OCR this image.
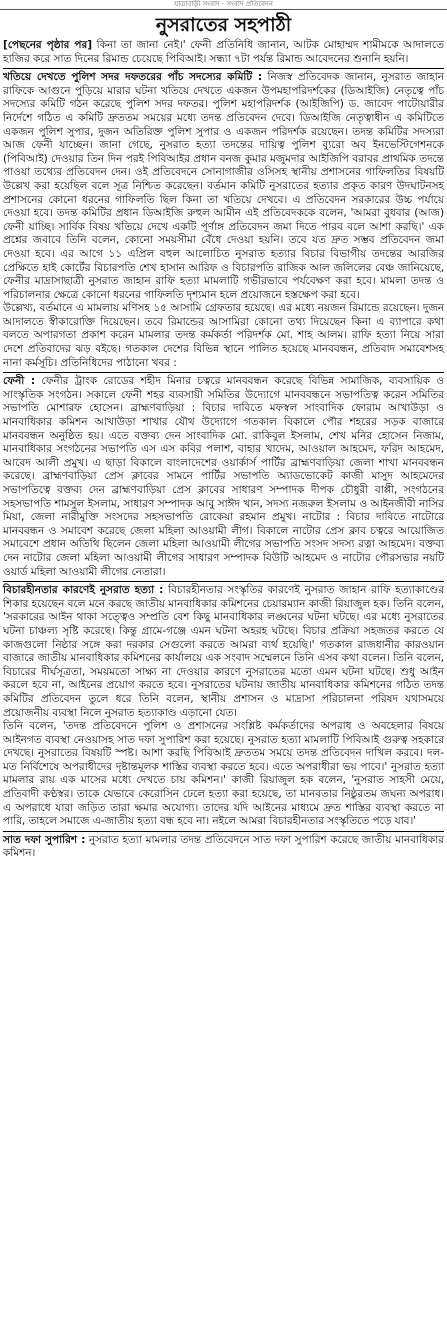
যাত্রাবাড়ী সংবাদ · সংবাদ প্রতিবেদন
নুসরাতের সহপাঠী

[পেছনের পৃষ্ঠার পর] কিনা তা জানা নেই।' ফেনী প্রতিনিধি জানান, আটক মোহাম্মদ শামীমকে আদালতে হাজির করে সাত দিনের রিমান্ড চেয়েছে পিবিআই। সন্ধ্যা ৭টা পর্যন্ত রিমান্ড আবেদনের শুনানি হয়নি।

খতিয়ে দেখতে পুলিশ সদর দফতরের পাঁচ সদস্যের কমিটি : নিজস্ব প্রতিবেদক জানান, নুসরাত জাহান রাফিকে আগুনে পুড়িয়ে মারার ঘটনা খতিয়ে দেখতে একজন উপমহাপরিদর্শকের (ডিআইজি) নেতৃত্বে পাঁচ সদস্যের কমিটি গঠন করেছে পুলিশ সদর দফতর। পুলিশ মহাপরিদর্শক (আইজিপি) ড. জাবেদ পাটোয়ারীর নির্দেশে গঠিত এ কমিটি দ্রুততম সময়ের মধ্যে তদন্ত প্রতিবেদন দেবে। ডিআইজি নেতৃত্বাধীন এ কমিটিতে একজন পুলিশ সুপার, দুজন অতিরিক্ত পুলিশ সুপার ও একজন পরিদর্শক রয়েছেন। তদন্ত কমিটির সদস্যরা আজ ফেনী যাচ্ছেন। জানা গেছে, নুসরাত হত্যা তদন্তের দায়িত্ব পুলিশ ব্যুরো অব ইনভেস্টিগেশনকে (পিবিআই) দেওয়ার তিন দিন পরই পিবিআইর প্রধান বনজ কুমার মজুমদার আইজিপি বরাবর প্রাথমিক তদন্তে পাওয়া তথ্যের প্রতিবেদন দেন। ওই প্রতিবেদনে সোনাগাজীর ওসিসহ স্থানীয় প্রশাসনের গাফিলতির বিষয়টি উল্লেখ করা হয়েছিল বলে সূত্র নিশ্চিত করেছেন। বর্তমান কমিটি নুসরাতের হত্যার প্রকৃত কারণ উদঘাটনসহ প্রশাসনের কোনো ধরনের গাফিলতি ছিল কিনা তা খতিয়ে দেখবে। এ প্রতিবেদন সরকারের উচ্চ পর্যায়ে দেওয়া হবে। তদন্ত কমিটির প্রধান ডিআইজি রুহুল আমীন এই প্রতিবেদককে বলেন, 'আমরা বুধবার (আজ) ফেনী যাচ্ছি। সার্বিক বিষয় খতিয়ে দেখে একটি পূর্ণাঙ্গ প্রতিবেদন জমা দিতে পারব বলে আশা করছি।' এক প্রশ্নের জবাবে তিনি বলেন, কোনো সময়সীমা বেঁধে দেওয়া হয়নি। তবে যত দ্রুত সম্ভব প্রতিবেদন জমা দেওয়া হবে। এর আগে ১১ এপ্রিল বহুল আলোচিত নুসরাত হত্যার বিচার বিভাগীয় তদন্তের আরজির প্রেক্ষিতে হাই কোর্টের বিচারপতি শেখ হাসান আরিফ ও বিচারপতি রাজিক আল জলিলের বেঞ্চ জানিয়েছে, ফেনীর মাদ্রাসাছাত্রী নুসরাত জাহান রাফি হত্যা মামলাটি গভীরভাবে পর্যবেক্ষণ করা হবে। মামলা তদন্ত ও পরিচালনার ক্ষেত্রে কোনো ধরনের গাফিলতি দৃশ্যমান হলে প্রয়োজনে হস্তক্ষেপ করা হবে।

উল্লেখ্য, বর্তমানে এ মামলায় মণিসহ ১৫ আসামি গ্রেফতার হয়েছে। এর মধ্যে নয়জন রিমান্ডে রয়েছেন। দুজন আদালতে স্বীকারোক্তি দিয়েছেন। তবে রিমান্ডের আসামিরা কোনো তথ্য দিয়েছেন কিনা এ ব্যাপারে কথা বলতে অপারগতা প্রকাশ করেন মামলার তদন্ত কর্মকর্তা পরিদর্শক মো. শাহ আলম। রাফি হত্যা নিয়ে সারা দেশে প্রতিবাদের ঝড় বইছে। গতকাল দেশের বিভিন্ন স্থানে পালিত হয়েছে মানববন্ধন, প্রতিবাদ সমাবেশসহ নানা কর্মসূচি। প্রতিনিধিদের পাঠানো খবর :

ফেনী : ফেনীর ট্রাংক রোডের শহীদ মিনার চত্বরে মানববন্ধন করেছে বিভিন্ন সামাজিক, ব্যবসায়িক ও সাংস্কৃতিক সংগঠন। সকালে ফেনী শহর ব্যবসায়ী সমিতির উদ্যোগে মানববন্ধনে সভাপতিত্ব করেন সমিতির সভাপতি মোশারফ হোসেন। ব্রাহ্মণবাড়িয়া : বিচার দাবিতে মফস্বল সাংবাদিক ফোরাম আখাউড়া ও মানবাধিকার কমিশন আখাউড়া শাখার যৌথ উদ্যোগে গতকাল বিকালে পৌর শহরের সড়ক বাজারে মানববন্ধন অনুষ্ঠিত হয়। এতে বক্তব্য দেন সাংবাদিক মো. রাকিবুল ইসলাম, শেখ মনির হোসেন নিজাম, মানবাধিকার সংগঠনের সভাপতি এস এস কবির পলাশ, বাহার খাদেম, আওয়াল আহমেদ, ফরিদ আহমেদ, আবেদ আলী প্রমুখ। এ ছাড়া বিকালে বাংলাদেশের ওয়ার্কার্স পার্টির ব্রাহ্মণবাড়িয়া জেলা শাখা মানববন্ধন করেছে। ব্রাহ্মণবাড়িয়া প্রেস ক্লাবের সামনে পার্টির সভাপতি অ্যাডভোকেট কাজী মাসুদ আহমেদের সভাপতিত্বে বক্তব্য দেন ব্রাহ্মণবাড়িয়া প্রেস ক্লাবের সাধারণ সম্পাদক দীপক চৌধুরী বাপ্পী, সংগঠনের সহসভাপতি শামসুল ইসলাম, সাধারণ সম্পাদক আবু সাঈদ খান, সদস্য নজরুল ইসলাম ও আইনজীবী নাসির মিয়া, জেলা নারীমুক্তি সংসদের সহসভাপতি রোকেয়া রহমান প্রমুখ। নাটোর : বিচার দাবিতে নাটোরে মানববন্ধন ও সমাবেশ করেছে জেলা মহিলা আওয়ামী লীগ। বিকালে নাটোর প্রেস ক্লাব চত্বরে আয়োজিত সমাবেশে প্রধান অতিথি ছিলেন জেলা মহিলা আওয়ামী লীগের সভাপতি সংসদ সদস্য রত্না আহমেদ। বক্তব্য দেন নাটোর জেলা মহিলা আওয়ামী লীগের সাধারণ সম্পাদক বিউটি আহমেদ ও নাটোর পৌরসভার নয়টি ওয়ার্ড মহিলা আওয়ামী লীগের নেতারা।

বিচারহীনতার কারণেই নুসরাত হত্যা : বিচারহীনতার সংস্কৃতির কারণেই নুসরাত জাহান রাফি হত্যাকাণ্ডের শিকার হয়েছেন বলে মনে করছে জাতীয় মানবাধিকার কমিশনের চেয়ারম্যান কাজী রিয়াজুল হক। তিনি বলেন, 'সরকারের আইন থাকা সত্ত্বেও সম্প্রতি বেশ কিছু মানবাধিকার লঙ্ঘনের ঘটনা ঘটছে। এর মধ্যে নুসরাতের ঘটনা চাঞ্চল্য সৃষ্টি করেছে। কিন্তু গ্রামে-গঞ্জে এমন ঘটনা অহরহ ঘটছে। বিচার প্রক্রিয়া সহজতর করতে যে কাজগুলো নিষ্ঠার সঙ্গে করা দরকার সেগুলো করতে আমরা ব্যর্থ হয়েছি।' গতকাল রাজধানীর কারওয়ান বাজারে জাতীয় মানবাধিকার কমিশনের কার্যালয়ে এক সংবাদ সম্মেলনে তিনি এসব কথা বলেন। তিনি বলেন, বিচারের দীর্ঘসূত্রতা, সময়মতো সাক্ষ্য না দেওয়ার কারণে নুসরাতের মতো এমন ঘটনা ঘটছে। শুধু আইন করলে হবে না, আইনের প্রয়োগ করতে হবে। নুসরাতের ঘটনায় জাতীয় মানবাধিকার কমিশনের গঠিত তদন্ত কমিটির প্রতিবেদন তুলে ধরে তিনি বলেন, স্থানীয় প্রশাসন ও মাদ্রাসা পরিচালনা পরিষদ যথাসময়ে প্রয়োজনীয় ব্যবস্থা নিলে নুসরাত হত্যাকাণ্ড এড়ানো যেত।

তিনি বলেন, 'তদন্ত প্রতিবেদনে পুলিশ ও প্রশাসনের সংশ্লিষ্ট কর্মকর্তাদের অপরাধ ও অবহেলার বিষয়ে আইনগত ব্যবস্থা নেওয়াসহ সাত দফা সুপারিশ করা হয়েছে। নুসরাত হত্যা মামলাটি পিবিআই গুরুত্ব সহকারে দেখছে। নুসরাতের বিষয়টি স্পষ্ট। আশা করছি পিবিআই দ্রুততম সময়ে তদন্ত প্রতিবেদন দাখিল করবে। দল-মত নির্বিশেষে অপরাধীদের দৃষ্টান্তমূলক শাস্তির ব্যবস্থা করতে হবে। এতে অপরাধীরা ভয় পাবে।' নুসরাত হত্যা মামলার রায় এক মাসের মধ্যে দেখতে চায় কমিশন।' কাজী রিয়াজুল হক বলেন, 'নুসরাত সাহসী মেয়ে, প্রতিবাদী কণ্ঠস্বর। তাকে যেভাবে কেরোসিন ঢেলে হত্যা করা হয়েছে, তা মানবতার নিষ্ঠুরতম জঘন্য অপরাধ। এ অপরাধে যারা জড়িত তারা ক্ষমার অযোগ্য। তাদের যদি আইনের মাধ্যমে দ্রুত শাস্তির ব্যবস্থা করতে না পারি, তাহলে সমাজে এ-জাতীয় হত্যা বন্ধ হবে না। নইলে আমরা বিচারহীনতার সংস্কৃতিতে পড়ে যাব।'

সাত দফা সুপারিশ : নুসরাত হত্যা মামলার তদন্ত প্রতিবেদনে সাত দফা সুপারিশ করেছে জাতীয় মানবাধিকার কমিশন।
